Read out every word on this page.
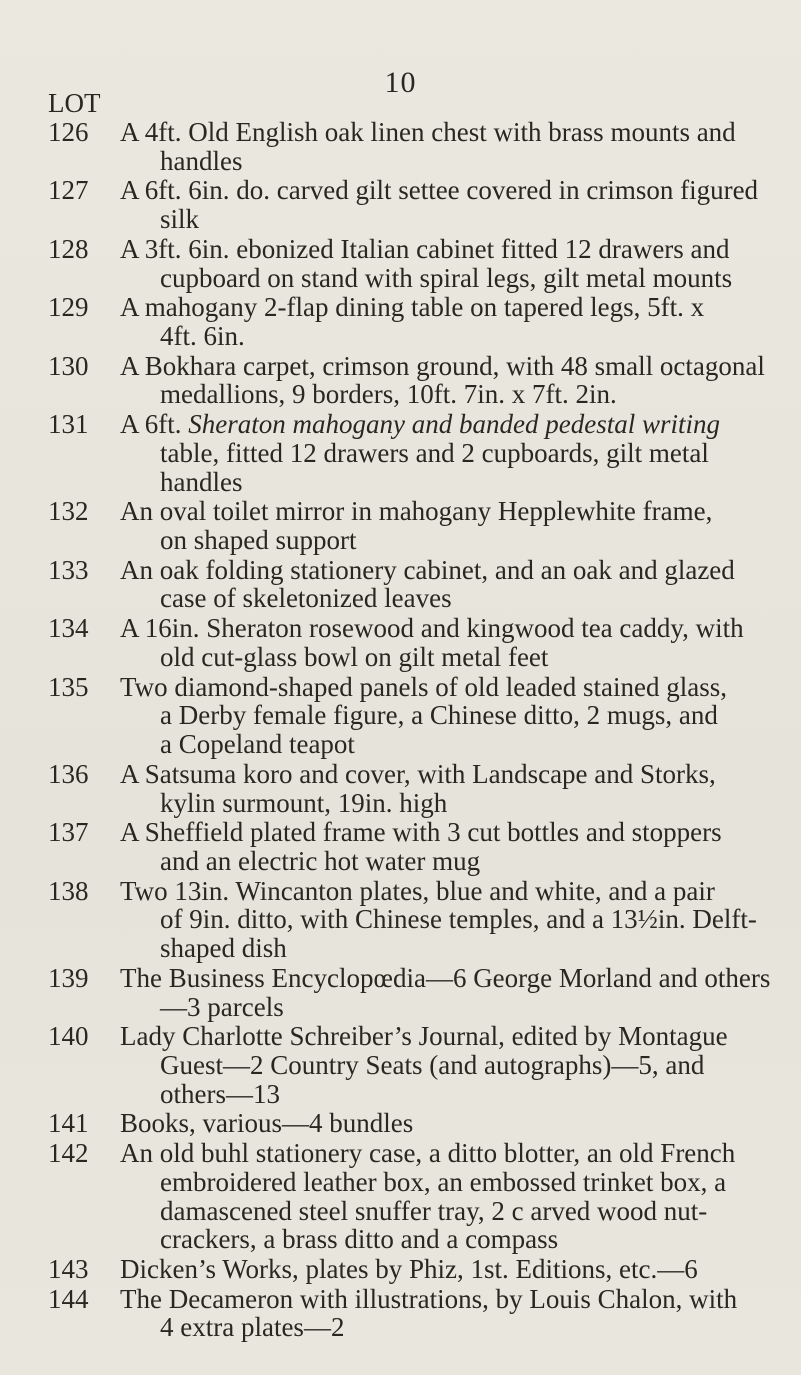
10
LOT
126 A 4ft. Old English oak linen chest with brass mounts and
handles
127 A 6ft. 6in. do. carved gilt settee covered in crimson figured
silk
128 A 3ft. 6in. ebonized Italian cabinet fitted 12 drawers and
cupboard on stand with spiral legs, gilt metal mounts
129 A mahogany 2-flap dining table on tapered legs, 5ft. x
4ft. 6in.
130 A Bokhara carpet, crimson ground, with 48 small octagonal
medallions, 9 borders, 10ft. 7in. x 7ft. 2in.
131 A 6ft. Sheraton mahogany and banded pedestal writing
table, fitted 12 drawers and 2 cupboards, gilt metal
handles
132 An oval toilet mirror in mahogany Hepplewhite frame,
on shaped support
133 An oak folding stationery cabinet, and an oak and glazed
case of skeletonized leaves
134 A 16in. Sheraton rosewood and kingwood tea caddy, with
old cut-glass bowl on gilt metal feet
135 Two diamond-shaped panels of old leaded stained glass,
a Derby female figure, a Chinese ditto, 2 mugs, and
a Copeland teapot
136 A Satsuma koro and cover, with Landscape and Storks,
kylin surmount, 19in. high
137 A Sheffield plated frame with 3 cut bottles and stoppers
and an electric hot water mug
138 Two 13in. Wincanton plates, blue and white, and a pair
of 9in. ditto, with Chinese temples, and a 13½in. Delft-
shaped dish
139 The Business Encyclopœdia—6 George Morland and others
—3 parcels
140 Lady Charlotte Schreiber’s Journal, edited by Montague
Guest—2 Country Seats (and autographs)—5, and
others—13
141 Books, various—4 bundles
142 An old buhl stationery case, a ditto blotter, an old French
embroidered leather box, an embossed trinket box, a
damascened steel snuffer tray, 2 c arved wood nut-
crackers, a brass ditto and a compass
143 Dicken’s Works, plates by Phiz, 1st. Editions, etc.—6
144 The Decameron with illustrations, by Louis Chalon, with
4 extra plates—2
